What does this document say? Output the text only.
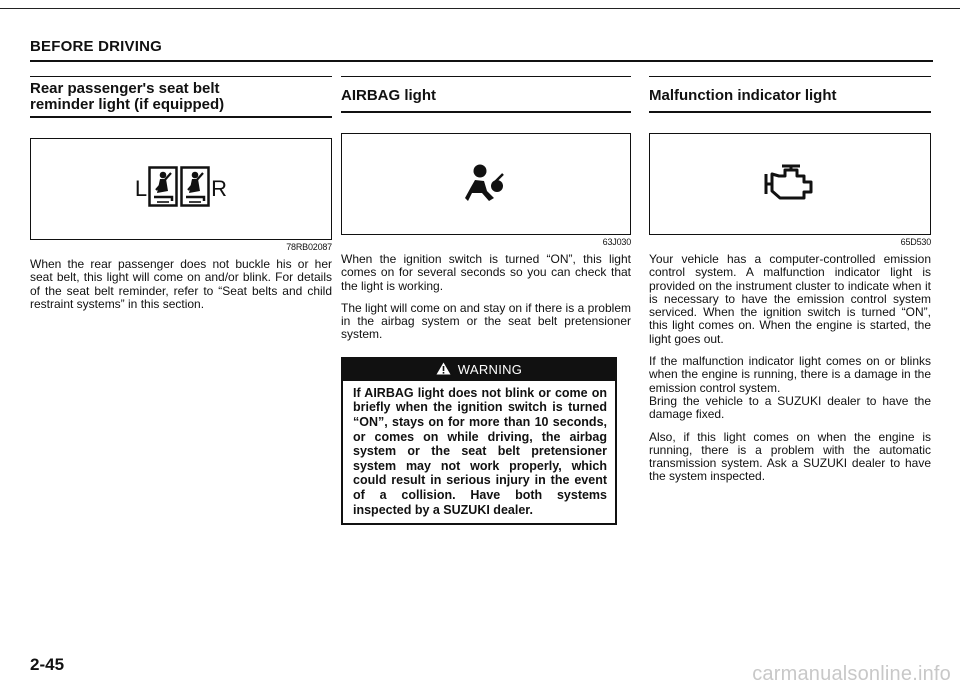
BEFORE DRIVING
Rear passenger's seat belt
reminder light (if equipped)
L	R
78RB02087

When the rear passenger does not buckle his or her seat belt, this light will come on and/or blink. For details of the seat belt reminder, refer to “Seat belts and child restraint systems” in this section.

AIRBAG light
63J030

When the ignition switch is turned “ON”, this light comes on for several seconds so you can check that the light is working.

The light will come on and stay on if there is a problem in the airbag system or the seat belt pretensioner system.

WARNING
If AIRBAG light does not blink or come on briefly when the ignition switch is turned “ON”, stays on for more than 10 seconds, or comes on while driving, the airbag system or the seat belt pretensioner system may not work properly, which could result in serious injury in the event of a collision. Have both systems inspected by a SUZUKI dealer.
Malfunction indicator light
65D530

Your vehicle has a computer-controlled emission control system. A malfunction indicator light is provided on the instrument cluster to indicate when it is necessary to have the emission control system serviced. When the ignition switch is turned “ON”, this light comes on. When the engine is started, the light goes out.

If the malfunction indicator light comes on or blinks when the engine is running, there is a damage in the emission control system.

Bring the vehicle to a SUZUKI dealer to have the damage fixed.

Also, if this light comes on when the engine is running, there is a problem with the automatic transmission system. Ask a SUZUKI dealer to have the system inspected.

2-45	carmanualsonline.info
